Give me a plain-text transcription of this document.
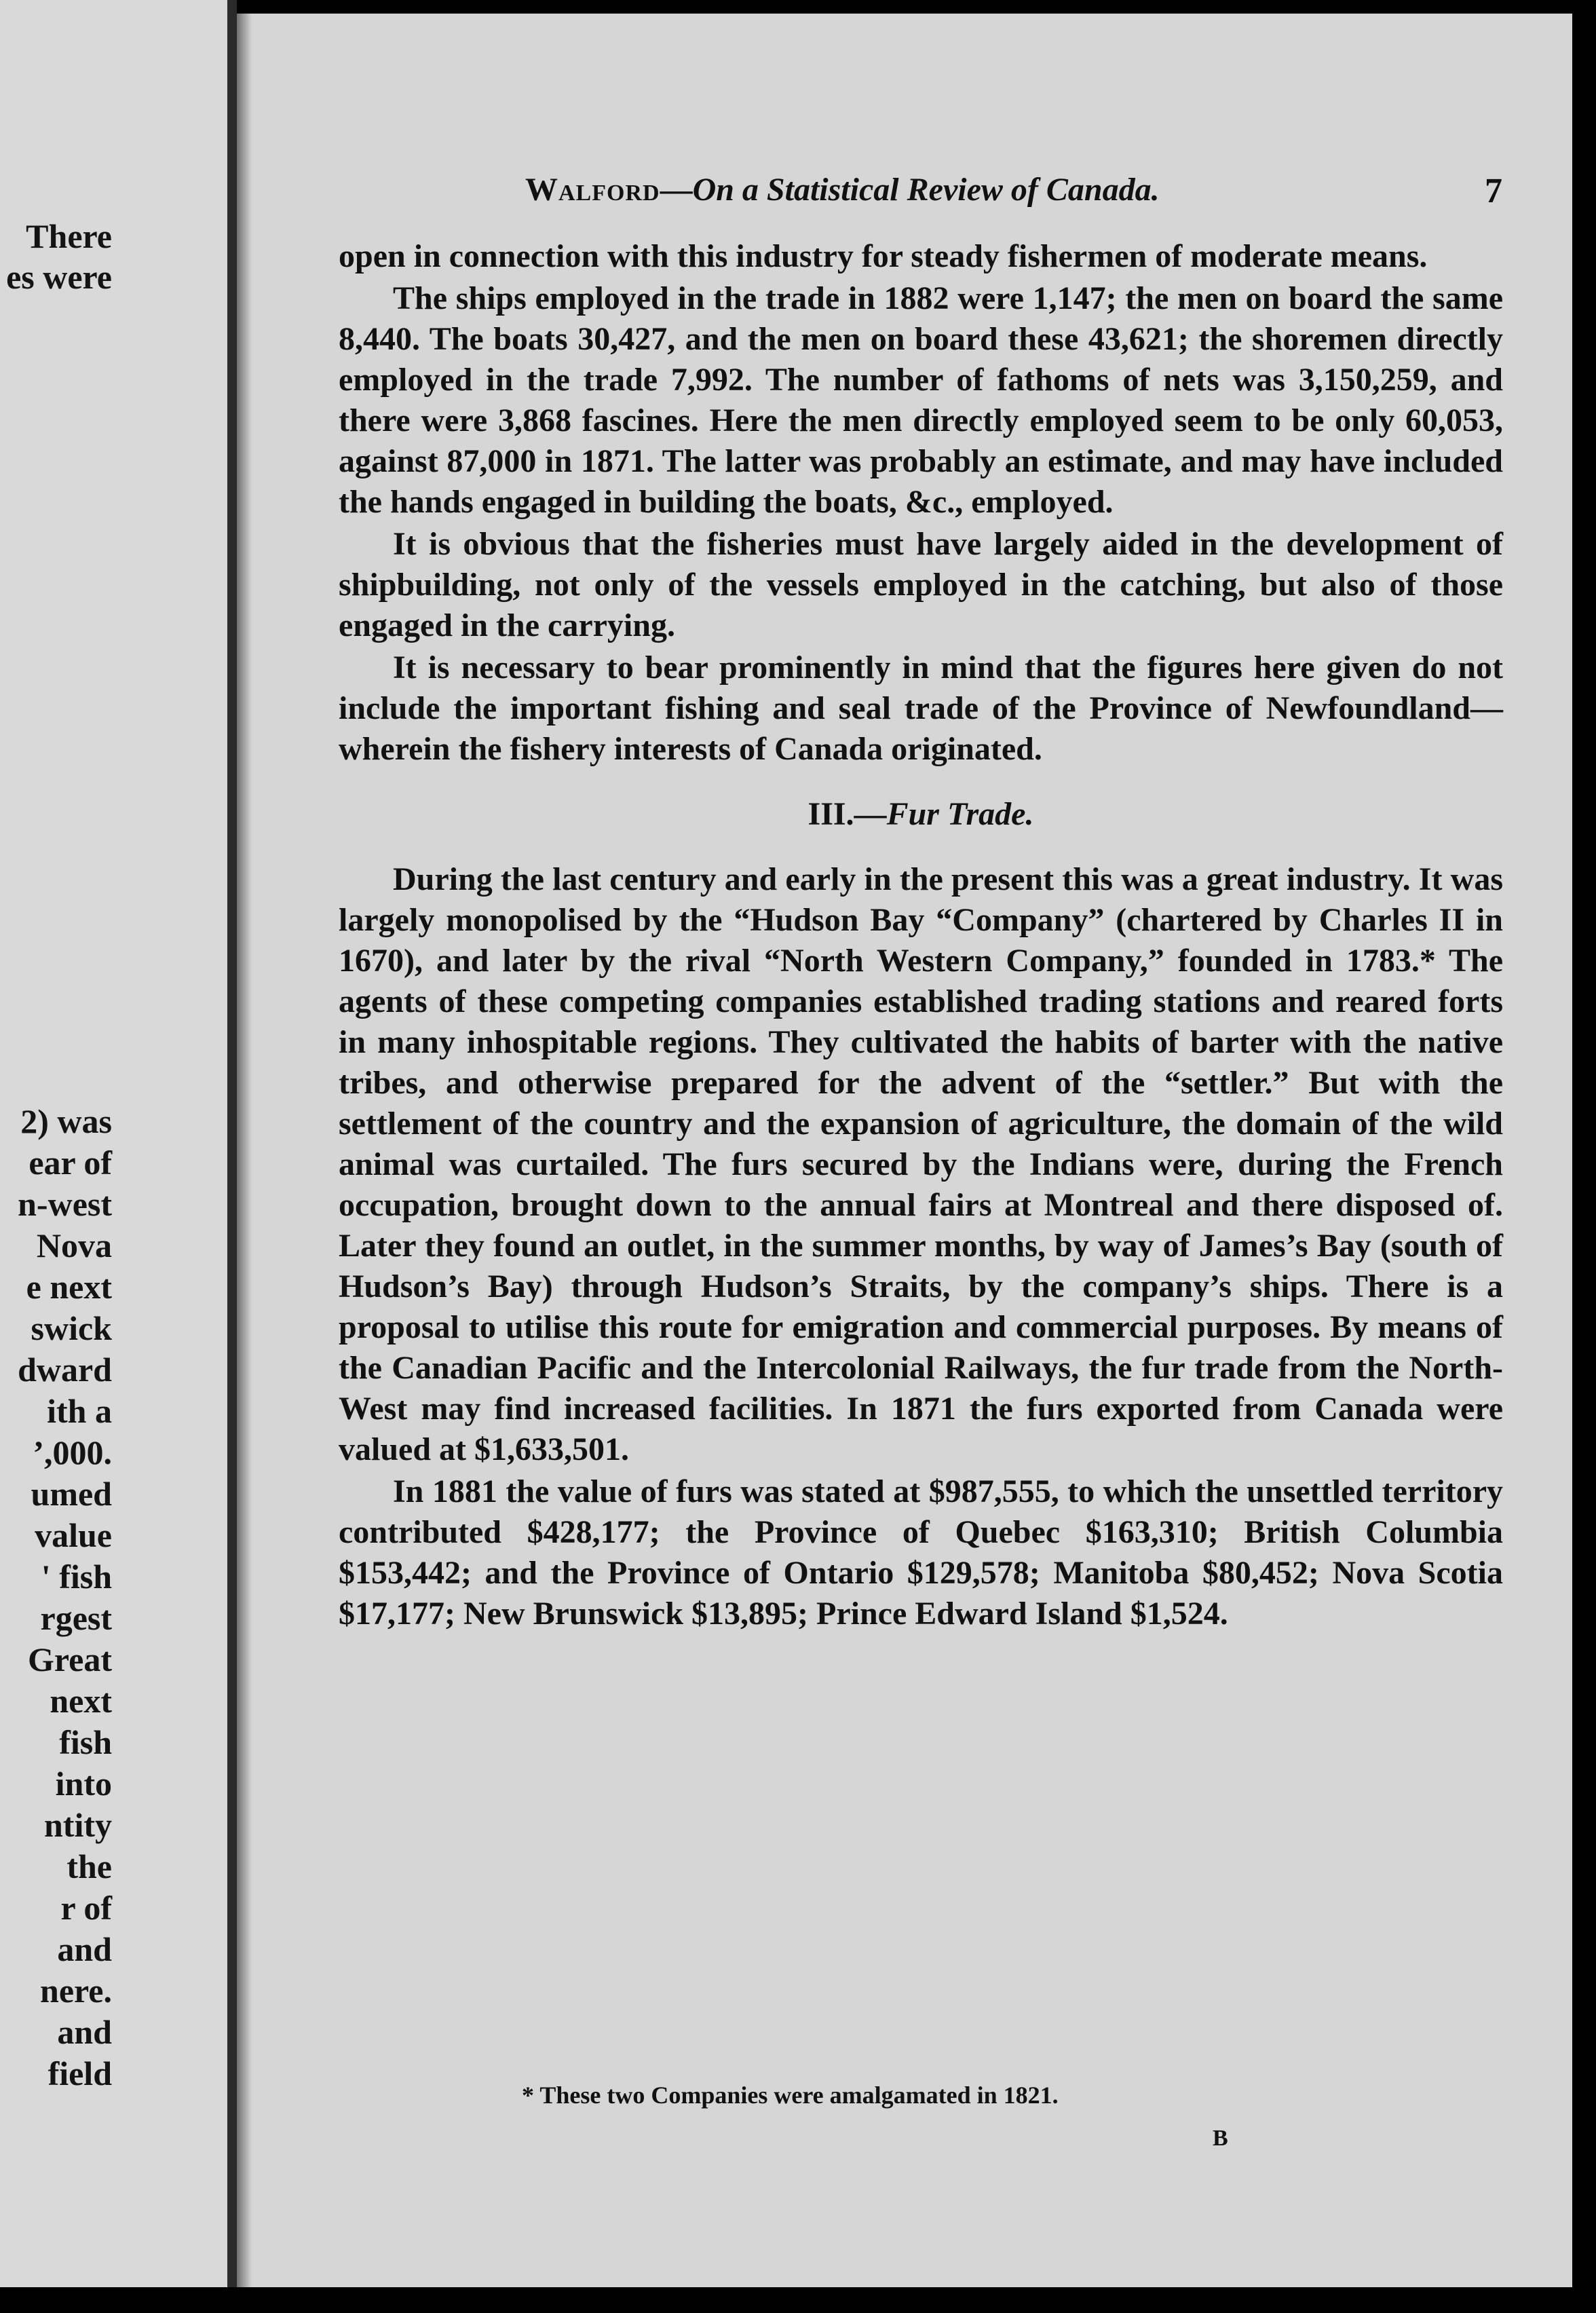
There
es were
2) was
ear of
n-west
Nova
e next
swick
dward
ith a
’,000.
umed
value
' fish
rgest
Great
next
fish
into
ntity
the
r of
and
nere.
and
field
Walford—On a Statistical Review of Canada.	7

open in connection with this industry for steady fishermen of moderate means.

The ships employed in the trade in 1882 were 1,147; the men on board the same 8,440. The boats 30,427, and the men on board these 43,621; the shoremen directly employed in the trade 7,992. The number of fathoms of nets was 3,150,259, and there were 3,868 fascines. Here the men directly employed seem to be only 60,053, against 87,000 in 1871. The latter was probably an estimate, and may have included the hands engaged in building the boats, &c., employed.

It is obvious that the fisheries must have largely aided in the development of shipbuilding, not only of the vessels employed in the catching, but also of those engaged in the carrying.

It is necessary to bear prominently in mind that the figures here given do not include the important fishing and seal trade of the Province of Newfoundland—wherein the fishery interests of Canada originated.

III.—Fur Trade.

During the last century and early in the present this was a great industry. It was largely monopolised by the “Hudson Bay “Company” (chartered by Charles II in 1670), and later by the rival “North Western Company,” founded in 1783.* The agents of these competing companies established trading stations and reared forts in many inhospitable regions. They cultivated the habits of barter with the native tribes, and otherwise prepared for the advent of the “settler.” But with the settlement of the country and the expansion of agriculture, the domain of the wild animal was curtailed. The furs secured by the Indians were, during the French occupation, brought down to the annual fairs at Montreal and there disposed of. Later they found an outlet, in the summer months, by way of James’s Bay (south of Hudson’s Bay) through Hudson’s Straits, by the company’s ships. There is a proposal to utilise this route for emigration and commercial purposes. By means of the Canadian Pacific and the Intercolonial Railways, the fur trade from the North-West may find increased facilities. In 1871 the furs exported from Canada were valued at $1,633,501.

In 1881 the value of furs was stated at $987,555, to which the unsettled territory contributed $428,177; the Province of Quebec $163,310; British Columbia $153,442; and the Province of Ontario $129,578; Manitoba $80,452; Nova Scotia $17,177; New Brunswick $13,895; Prince Edward Island $1,524.

* These two Companies were amalgamated in 1821.
B
